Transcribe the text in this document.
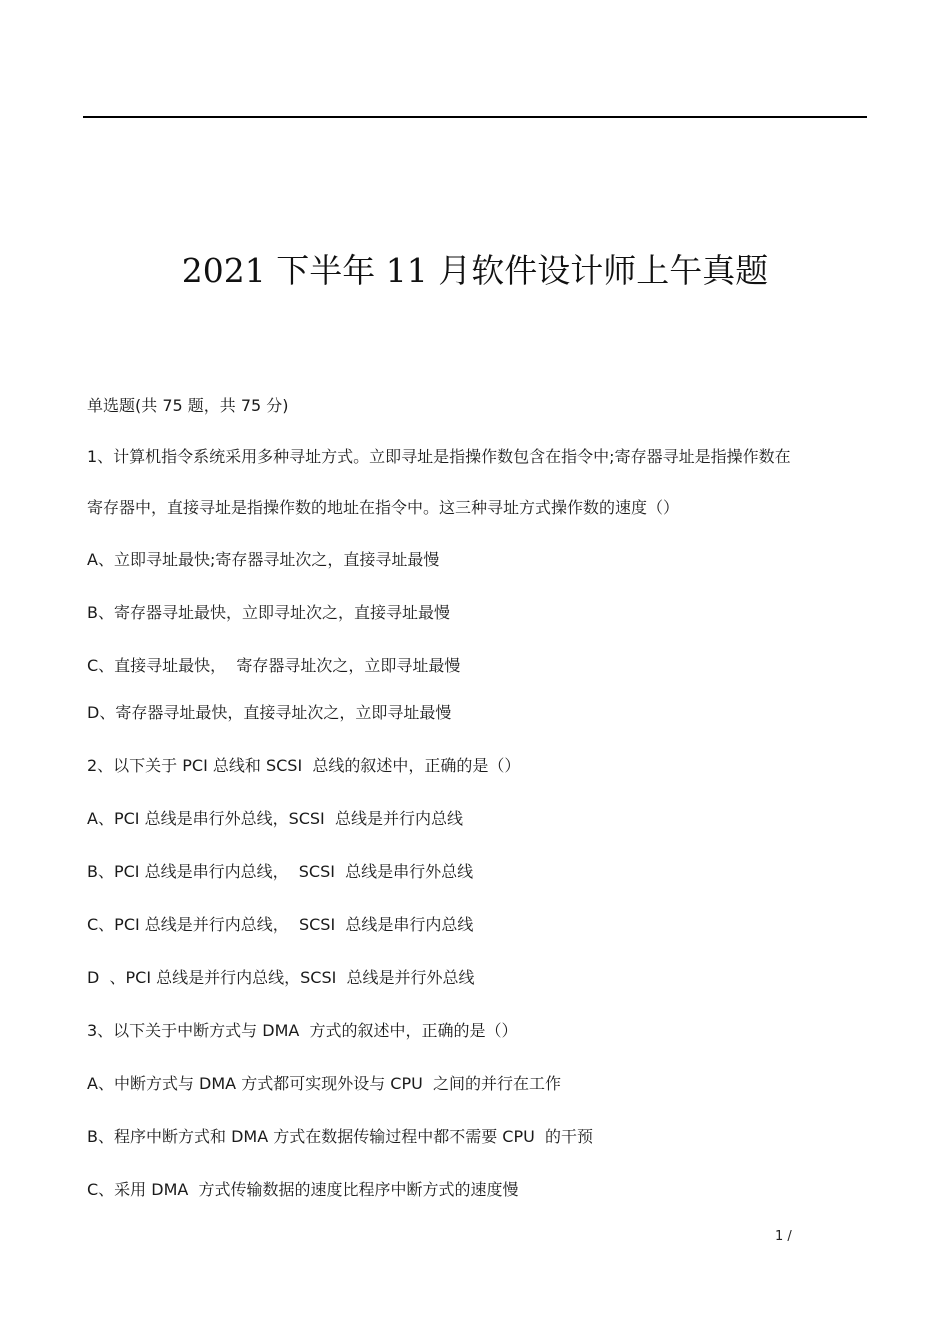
2021 下半年 11 月软件设计师上午真题
单选题(共 75 题，共 75 分)
1、计算机指令系统采用多种寻址方式。立即寻址是指操作数包含在指令中;寄存器寻址是指操作数在
寄存器中，直接寻址是指操作数的地址在指令中。这三种寻址方式操作数的速度（）
A、立即寻址最快;寄存器寻址次之，直接寻址最慢
B、寄存器寻址最快，立即寻址次之，直接寻址最慢
C、直接寻址最快，  寄存器寻址次之，立即寻址最慢
D、寄存器寻址最快，直接寻址次之，立即寻址最慢
2、以下关于 PCI 总线和 SCSI  总线的叙述中，正确的是（）
A、PCI 总线是串行外总线，SCSI  总线是并行内总线
B、PCI 总线是串行内总线，  SCSI  总线是串行外总线
C、PCI 总线是并行内总线，  SCSI  总线是串行内总线
D  、PCI 总线是并行内总线，SCSI  总线是并行外总线
3、以下关于中断方式与 DMA  方式的叙述中，正确的是（）
A、中断方式与 DMA 方式都可实现外设与 CPU  之间的并行在工作
B、程序中断方式和 DMA 方式在数据传输过程中都不需要 CPU  的干预
C、采用 DMA  方式传输数据的速度比程序中断方式的速度慢
1 /
